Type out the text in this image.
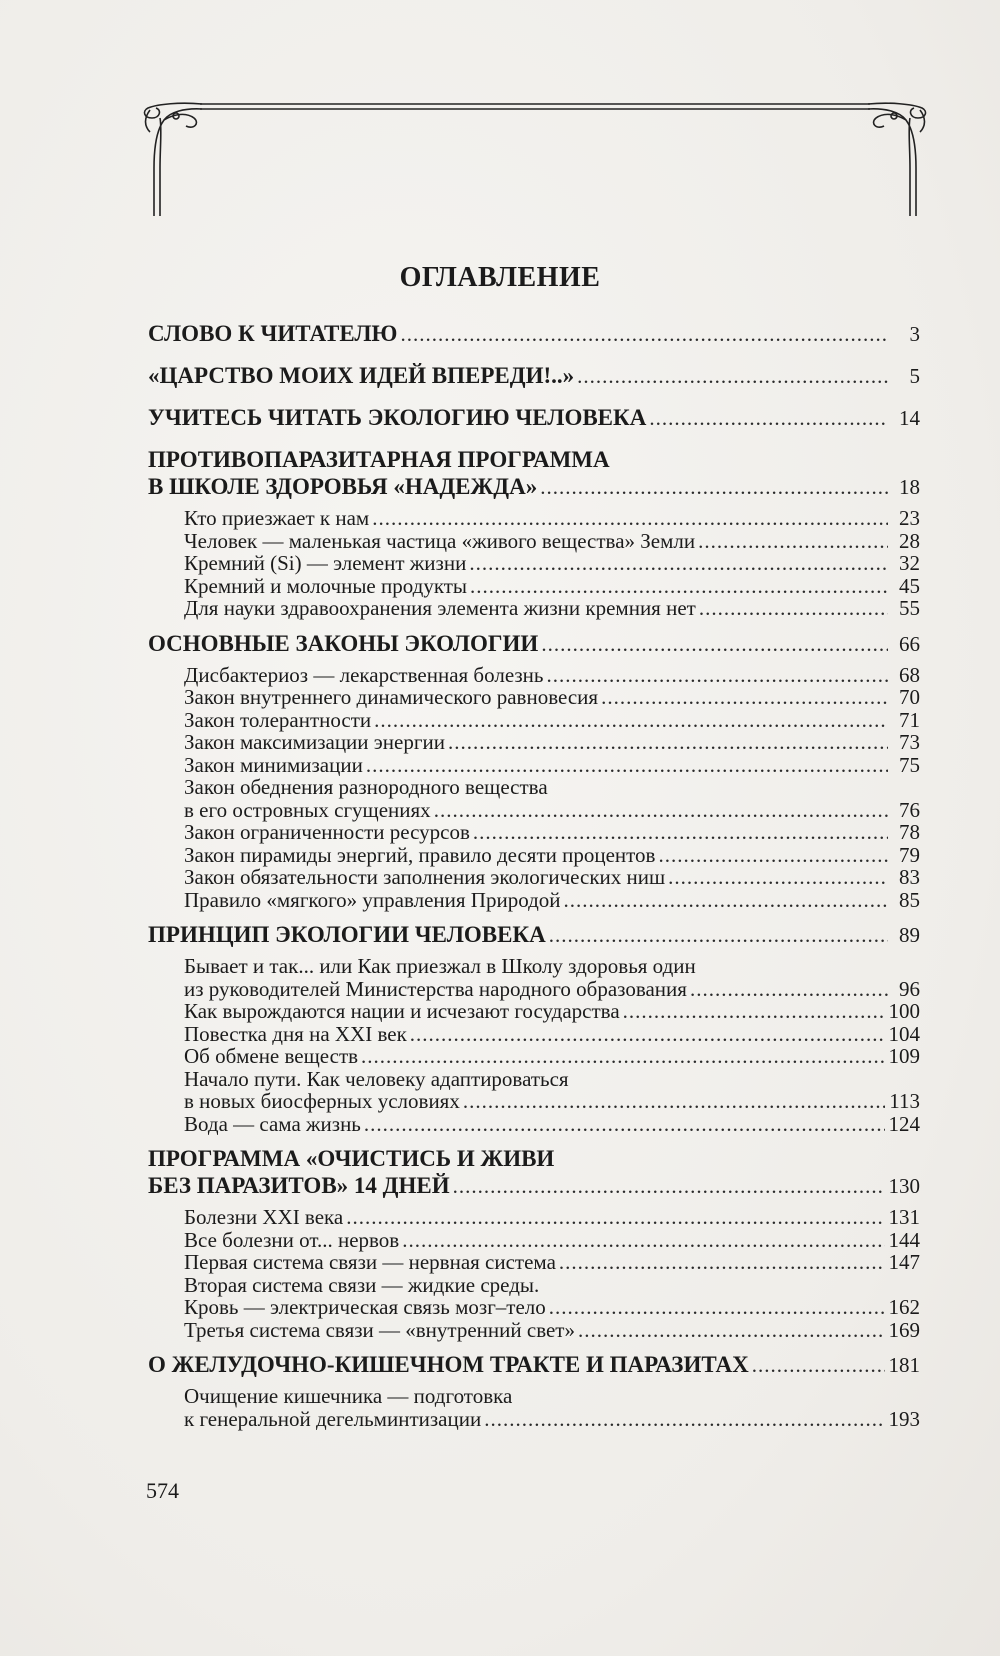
ОГЛАВЛЕНИЕ
СЛОВО К ЧИТАТЕЛЮ .....	3
«ЦАРСТВО МОИХ ИДЕЙ ВПЕРЕДИ!..» .....	5
УЧИТЕСЬ ЧИТАТЬ ЭКОЛОГИЮ ЧЕЛОВЕКА .....	14
ПРОТИВОПАРАЗИТАРНАЯ ПРОГРАММА
В ШКОЛЕ ЗДОРОВЬЯ «НАДЕЖДА» .....	18
Кто приезжает к нам .....	23
Человек — маленькая частица «живого вещества» Земли .....	28
Кремний (Si) — элемент жизни .....	32
Кремний и молочные продукты .....	45
Для науки здравоохранения элемента жизни кремния нет .....	55
ОСНОВНЫЕ ЗАКОНЫ ЭКОЛОГИИ .....	66
Дисбактериоз — лекарственная болезнь .....	68
Закон внутреннего динамического равновесия .....	70
Закон толерантности .....	71
Закон максимизации энергии .....	73
Закон минимизации .....	75
Закон обеднения разнородного вещества
в его островных сгущениях .....	76
Закон ограниченности ресурсов .....	78
Закон пирамиды энергий, правило десяти процентов .....	79
Закон обязательности заполнения экологических ниш .....	83
Правило «мягкого» управления Природой .....	85
ПРИНЦИП ЭКОЛОГИИ ЧЕЛОВЕКА .....	89
Бывает и так... или Как приезжал в Школу здоровья один
из руководителей Министерства народного образования .....	96
Как вырождаются нации и исчезают государства .....	100
Повестка дня на XXI век .....	104
Об обмене веществ .....	109
Начало пути. Как человеку адаптироваться
в новых биосферных условиях .....	113
Вода — сама жизнь .....	124
ПРОГРАММА «ОЧИСТИСЬ И ЖИВИ
БЕЗ ПАРАЗИТОВ» 14 ДНЕЙ .....	130
Болезни XXI века .....	131
Все болезни от... нервов .....	144
Первая система связи — нервная система .....	147
Вторая система связи — жидкие среды.
Кровь — электрическая связь мозг–тело .....	162
Третья система связи — «внутренний свет» .....	169
О ЖЕЛУДОЧНО-КИШЕЧНОМ ТРАКТЕ И ПАРАЗИТАХ .....	181
Очищение кишечника — подготовка
к генеральной дегельминтизации .....	193
574
